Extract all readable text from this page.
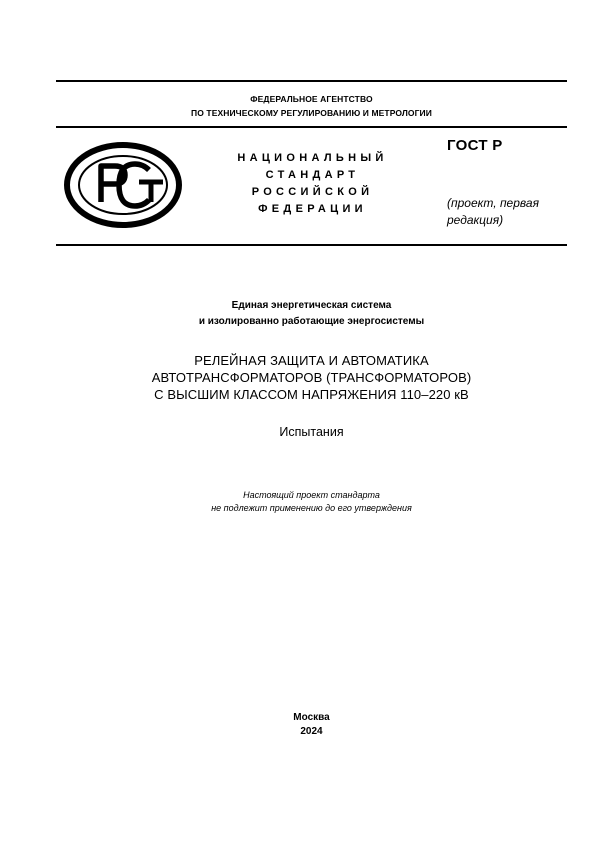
ФЕДЕРАЛЬНОЕ АГЕНТСТВО
ПО ТЕХНИЧЕСКОМУ РЕГУЛИРОВАНИЮ И МЕТРОЛОГИИ
НАЦИОНАЛЬНЫЙ
СТАНДАРТ
РОССИЙСКОЙ
ФЕДЕРАЦИИ
ГОСТ Р
(проект, первая
редакция)
Единая энергетическая система
и изолированно работающие энергосистемы
РЕЛЕЙНАЯ ЗАЩИТА И АВТОМАТИКА
АВТОТРАНСФОРМАТОРОВ (ТРАНСФОРМАТОРОВ)
С ВЫСШИМ КЛАССОМ НАПРЯЖЕНИЯ 110–220 кВ
Испытания
Настоящий проект стандарта
не подлежит применению до его утверждения
Москва
2024
